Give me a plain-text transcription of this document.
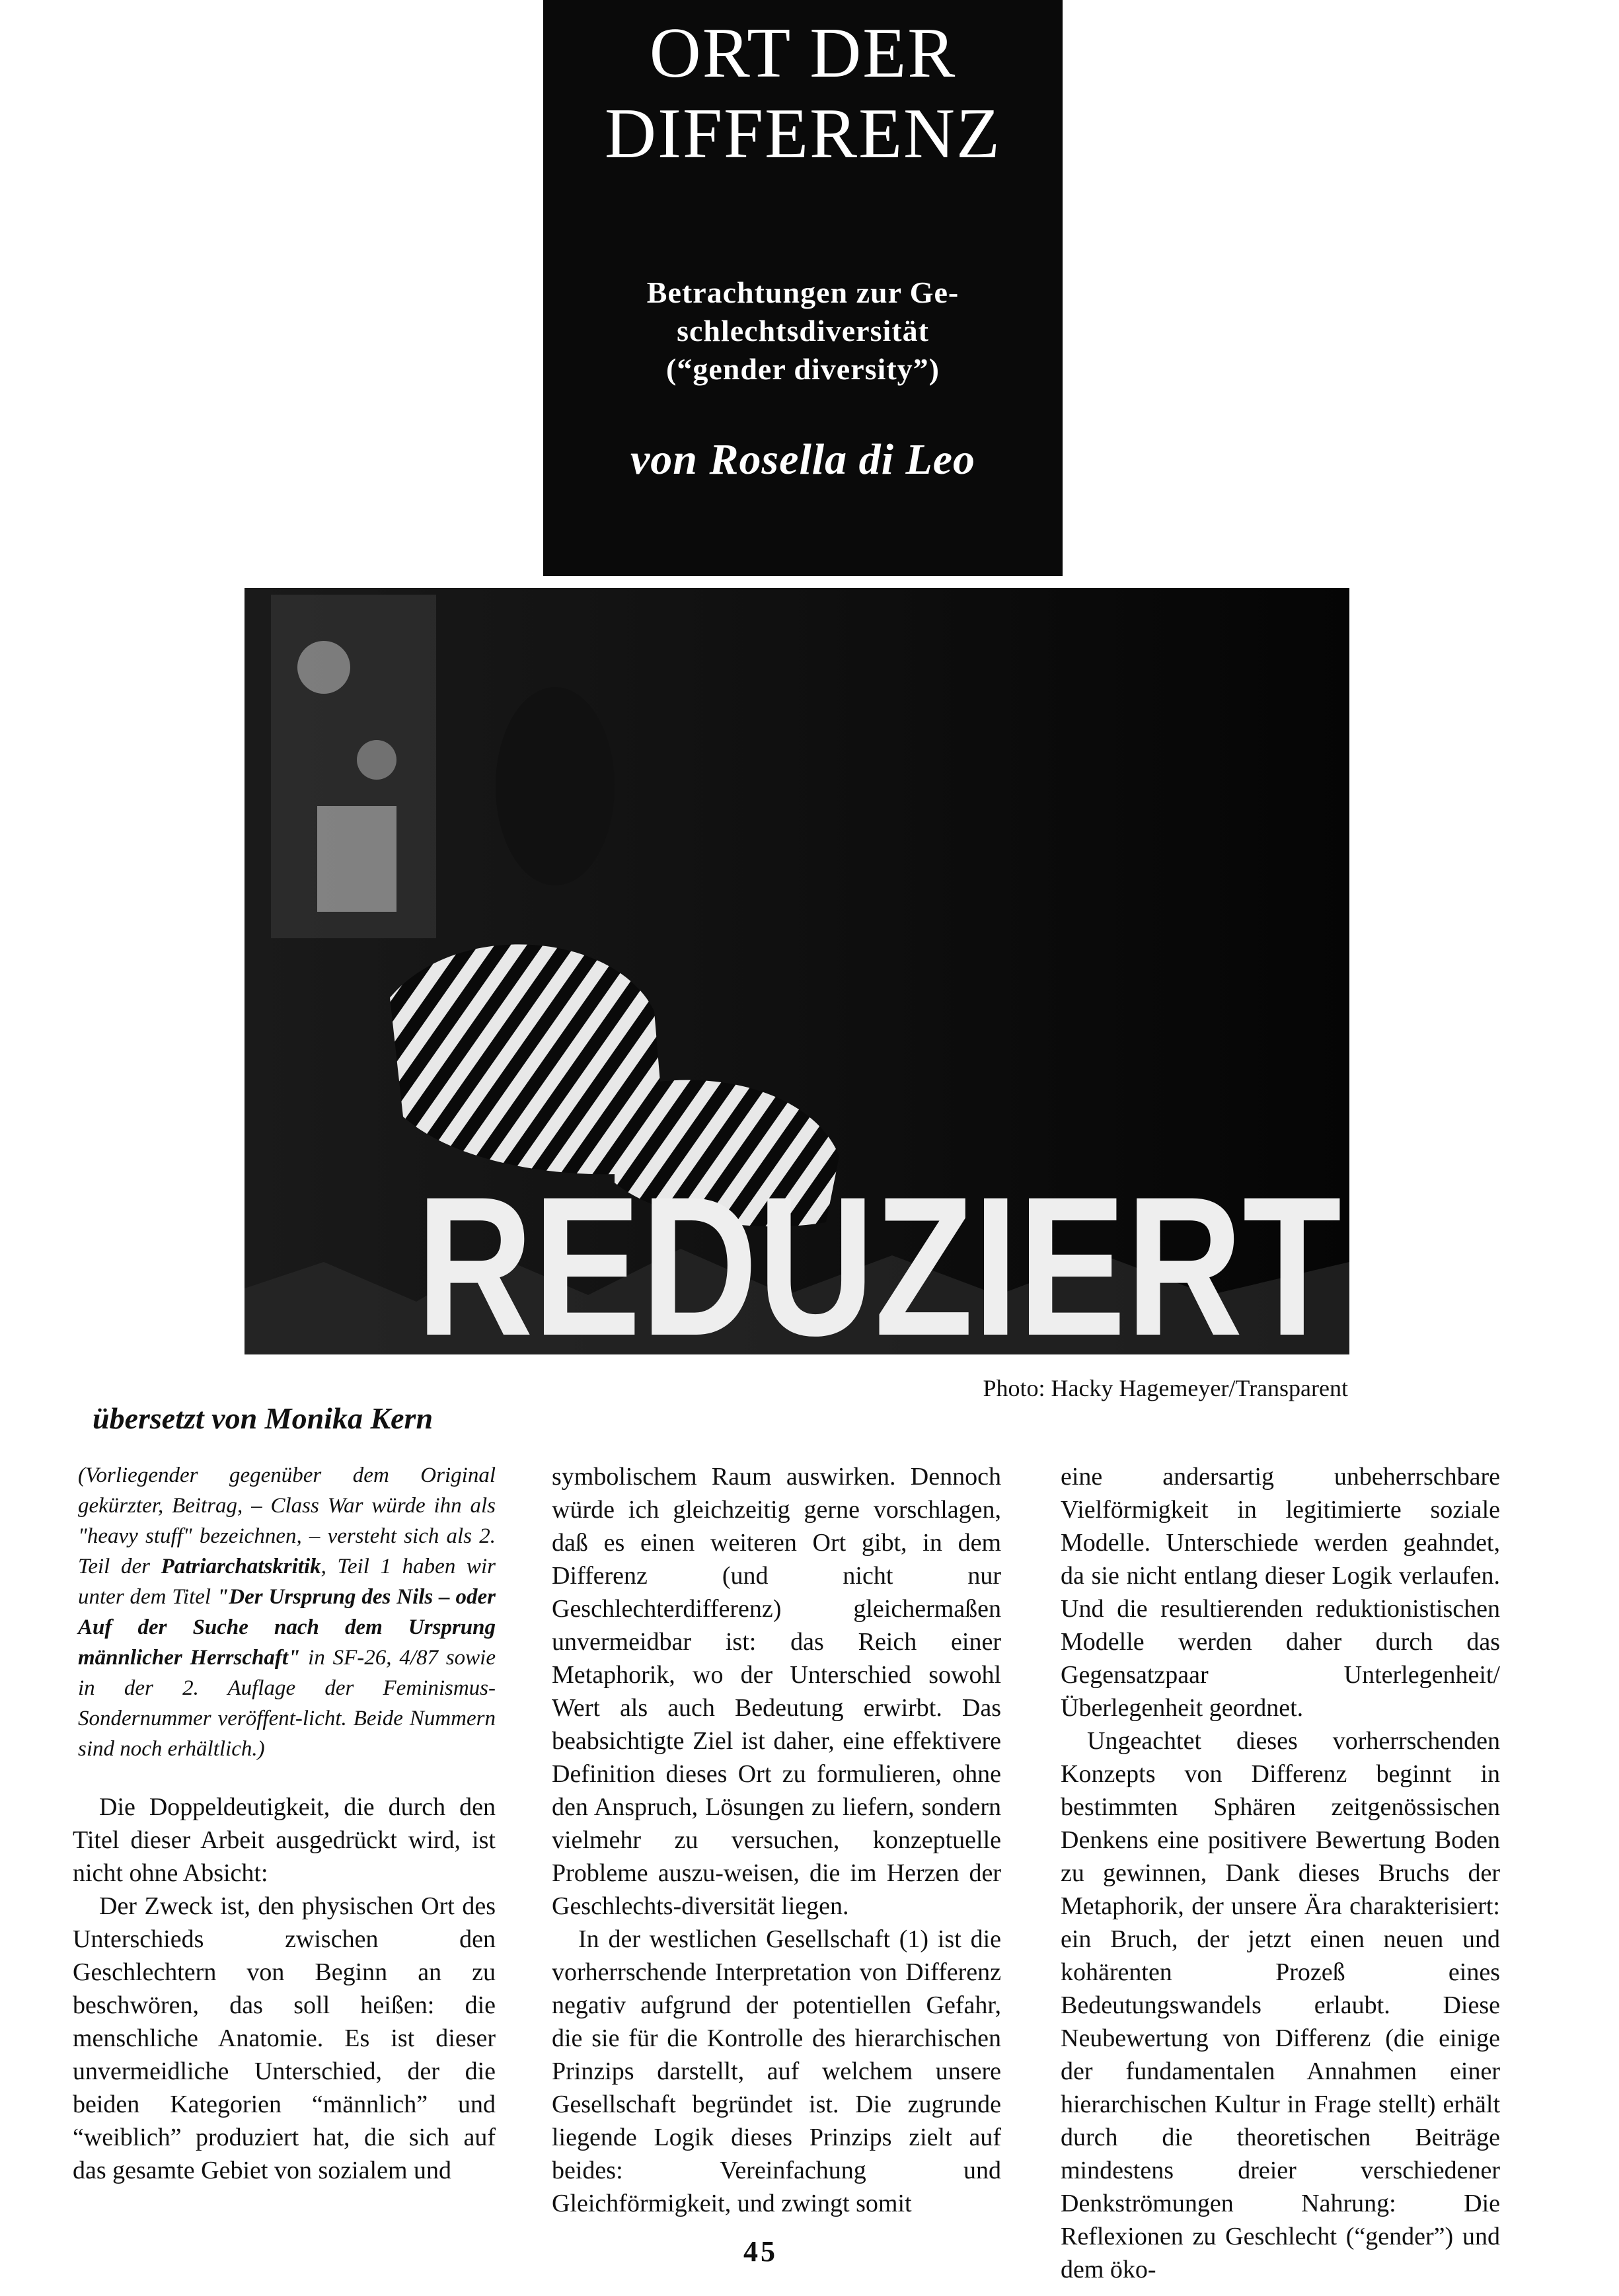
ORT DER
DIFFERENZ
Betrachtungen zur Ge-
schlechtsdiversität
(“gender diversity”)
von Rosella di Leo
REDUZIERT
Photo: Hacky Hagemeyer/Transparent
übersetzt von Monika Kern

(Vorliegender gegenüber dem Original gekürzter, Beitrag, – Class War würde ihn als "heavy stuff" bezeichnen, – versteht sich als 2. Teil der Patriarchatskritik, Teil 1 haben wir unter dem Titel "Der Ursprung des Nils – oder Auf der Suche nach dem Ursprung männlicher Herrschaft" in SF-26, 4/87 sowie in der 2. Auflage der Feminismus-Sondernummer veröffent-licht. Beide Nummern sind noch erhältlich.)

Die Doppeldeutigkeit, die durch den Titel dieser Arbeit ausgedrückt wird, ist nicht ohne Absicht:

Der Zweck ist, den physischen Ort des Unterschieds zwischen den Geschlechtern von Beginn an zu beschwören, das soll heißen: die menschliche Anatomie. Es ist dieser unvermeidliche Unterschied, der die beiden Kategorien “männlich” und “weiblich” produziert hat, die sich auf das gesamte Gebiet von sozialem und

symbolischem Raum auswirken. Dennoch würde ich gleichzeitig gerne vorschlagen, daß es einen weiteren Ort gibt, in dem Differenz (und nicht nur Geschlechterdifferenz) gleichermaßen unvermeidbar ist: das Reich einer Metaphorik, wo der Unterschied sowohl Wert als auch Bedeutung erwirbt. Das beabsichtigte Ziel ist daher, eine effektivere Definition dieses Ort zu formulieren, ohne den Anspruch, Lösungen zu liefern, sondern vielmehr zu versuchen, konzeptuelle Probleme auszu-weisen, die im Herzen der Geschlechts-diversität liegen.

In der westlichen Gesellschaft (1) ist die vorherrschende Interpretation von Differenz negativ aufgrund der potentiellen Gefahr, die sie für die Kontrolle des hierarchischen Prinzips darstellt, auf welchem unsere Gesellschaft begründet ist. Die zugrunde liegende Logik dieses Prinzips zielt auf beides: Vereinfachung und Gleichförmigkeit, und zwingt somit

eine andersartig unbeherrschbare Vielförmigkeit in legitimierte soziale Modelle. Unterschiede werden geahndet, da sie nicht entlang dieser Logik verlaufen. Und die resultierenden reduktionistischen Modelle werden daher durch das Gegensatzpaar Unterlegenheit/Überlegenheit geordnet.

Ungeachtet dieses vorherrschenden Konzepts von Differenz beginnt in bestimmten Sphären zeitgenössischen Denkens eine positivere Bewertung Boden zu gewinnen, Dank dieses Bruchs der Metaphorik, der unsere Ära charakterisiert: ein Bruch, der jetzt einen neuen und kohärenten Prozeß eines Bedeutungswandels erlaubt. Diese Neubewertung von Differenz (die einige der fundamentalen Annahmen einer hierarchischen Kultur in Frage stellt) erhält durch die theoretischen Beiträge mindestens dreier verschiedener Denkströmungen Nahrung: Die Reflexionen zu Geschlecht (“gender”) und dem öko-

45
